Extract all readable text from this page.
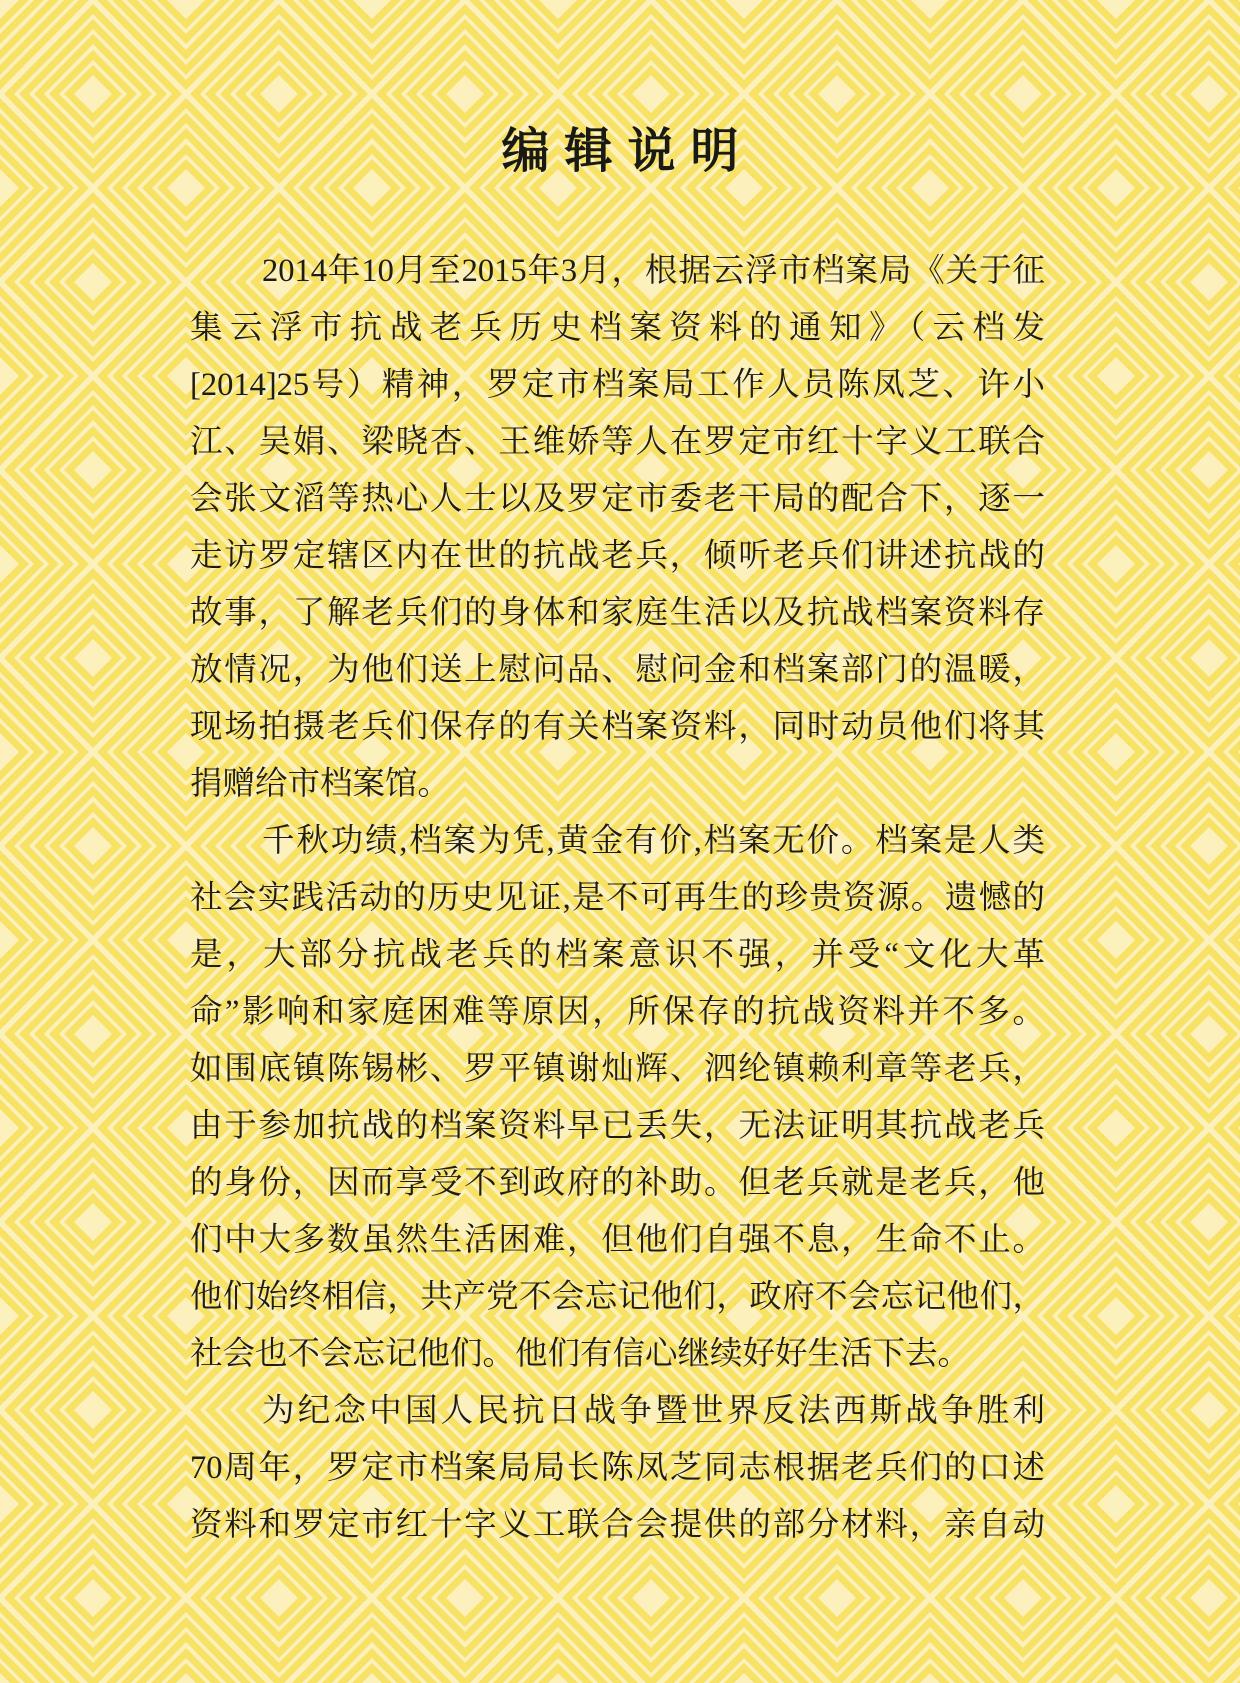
编辑说明
2014年10月至2015年3月，根据云浮市档案局《关于征
集云浮市抗战老兵历史档案资料的通知》（云档发
[2014]25号）精神，罗定市档案局工作人员陈凤芝、许小
江、吴娟、梁晓杏、王维娇等人在罗定市红十字义工联合
会张文滔等热心人士以及罗定市委老干局的配合下，逐一
走访罗定辖区内在世的抗战老兵，倾听老兵们讲述抗战的
故事，了解老兵们的身体和家庭生活以及抗战档案资料存
放情况，为他们送上慰问品、慰问金和档案部门的温暖，
现场拍摄老兵们保存的有关档案资料，同时动员他们将其
捐赠给市档案馆。
千秋功绩,档案为凭,黄金有价,档案无价。档案是人类
社会实践活动的历史见证,是不可再生的珍贵资源。遗憾的
是，大部分抗战老兵的档案意识不强，并受“文化大革
命”影响和家庭困难等原因，所保存的抗战资料并不多。
如围底镇陈锡彬、罗平镇谢灿辉、泗纶镇赖利章等老兵，
由于参加抗战的档案资料早已丢失，无法证明其抗战老兵
的身份，因而享受不到政府的补助。但老兵就是老兵，他
们中大多数虽然生活困难，但他们自强不息，生命不止。
他们始终相信，共产党不会忘记他们，政府不会忘记他们，
社会也不会忘记他们。他们有信心继续好好生活下去。
为纪念中国人民抗日战争暨世界反法西斯战争胜利
70周年，罗定市档案局局长陈凤芝同志根据老兵们的口述
资料和罗定市红十字义工联合会提供的部分材料，亲自动
